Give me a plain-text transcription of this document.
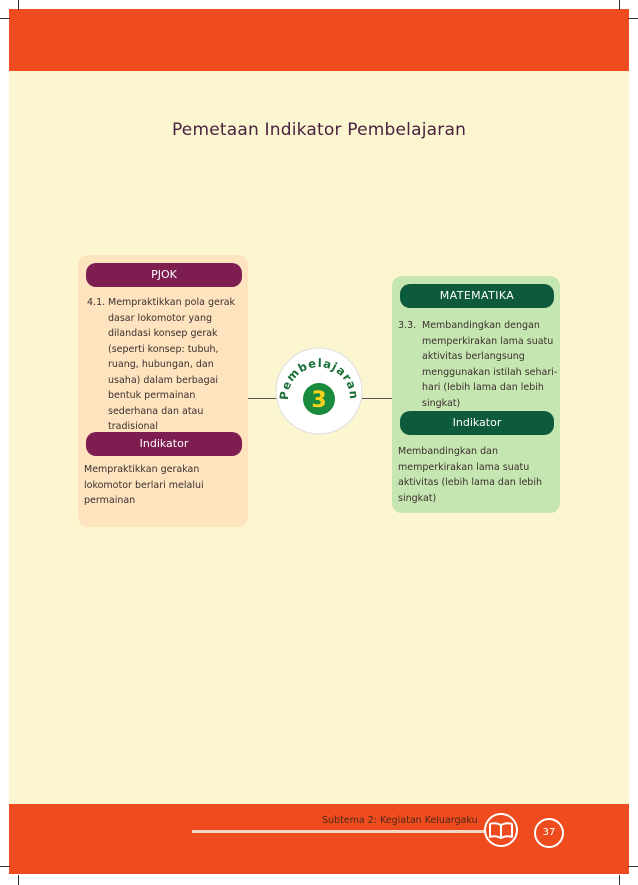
Pemetaan Indikator Pembelajaran
PJOK
4.1. Mempraktikkan pola gerak dasar lokomotor yang dilandasi konsep gerak (seperti konsep: tubuh, ruang, hubungan, dan usaha) dalam berbagai bentuk permainan sederhana dan atau tradisional
Indikator
Mempraktikkan gerakan lokomotor berlari melalui permainan
MATEMATIKA
3.3. Membandingkan dengan memperkirakan lama suatu aktivitas berlangsung menggunakan istilah sehari-hari (lebih lama dan lebih singkat)
Indikator
Membandingkan dan memperkirakan lama suatu aktivitas (lebih lama dan lebih singkat)
Pembelajaran
3
Subtema 2: Kegiatan Keluargaku
37
